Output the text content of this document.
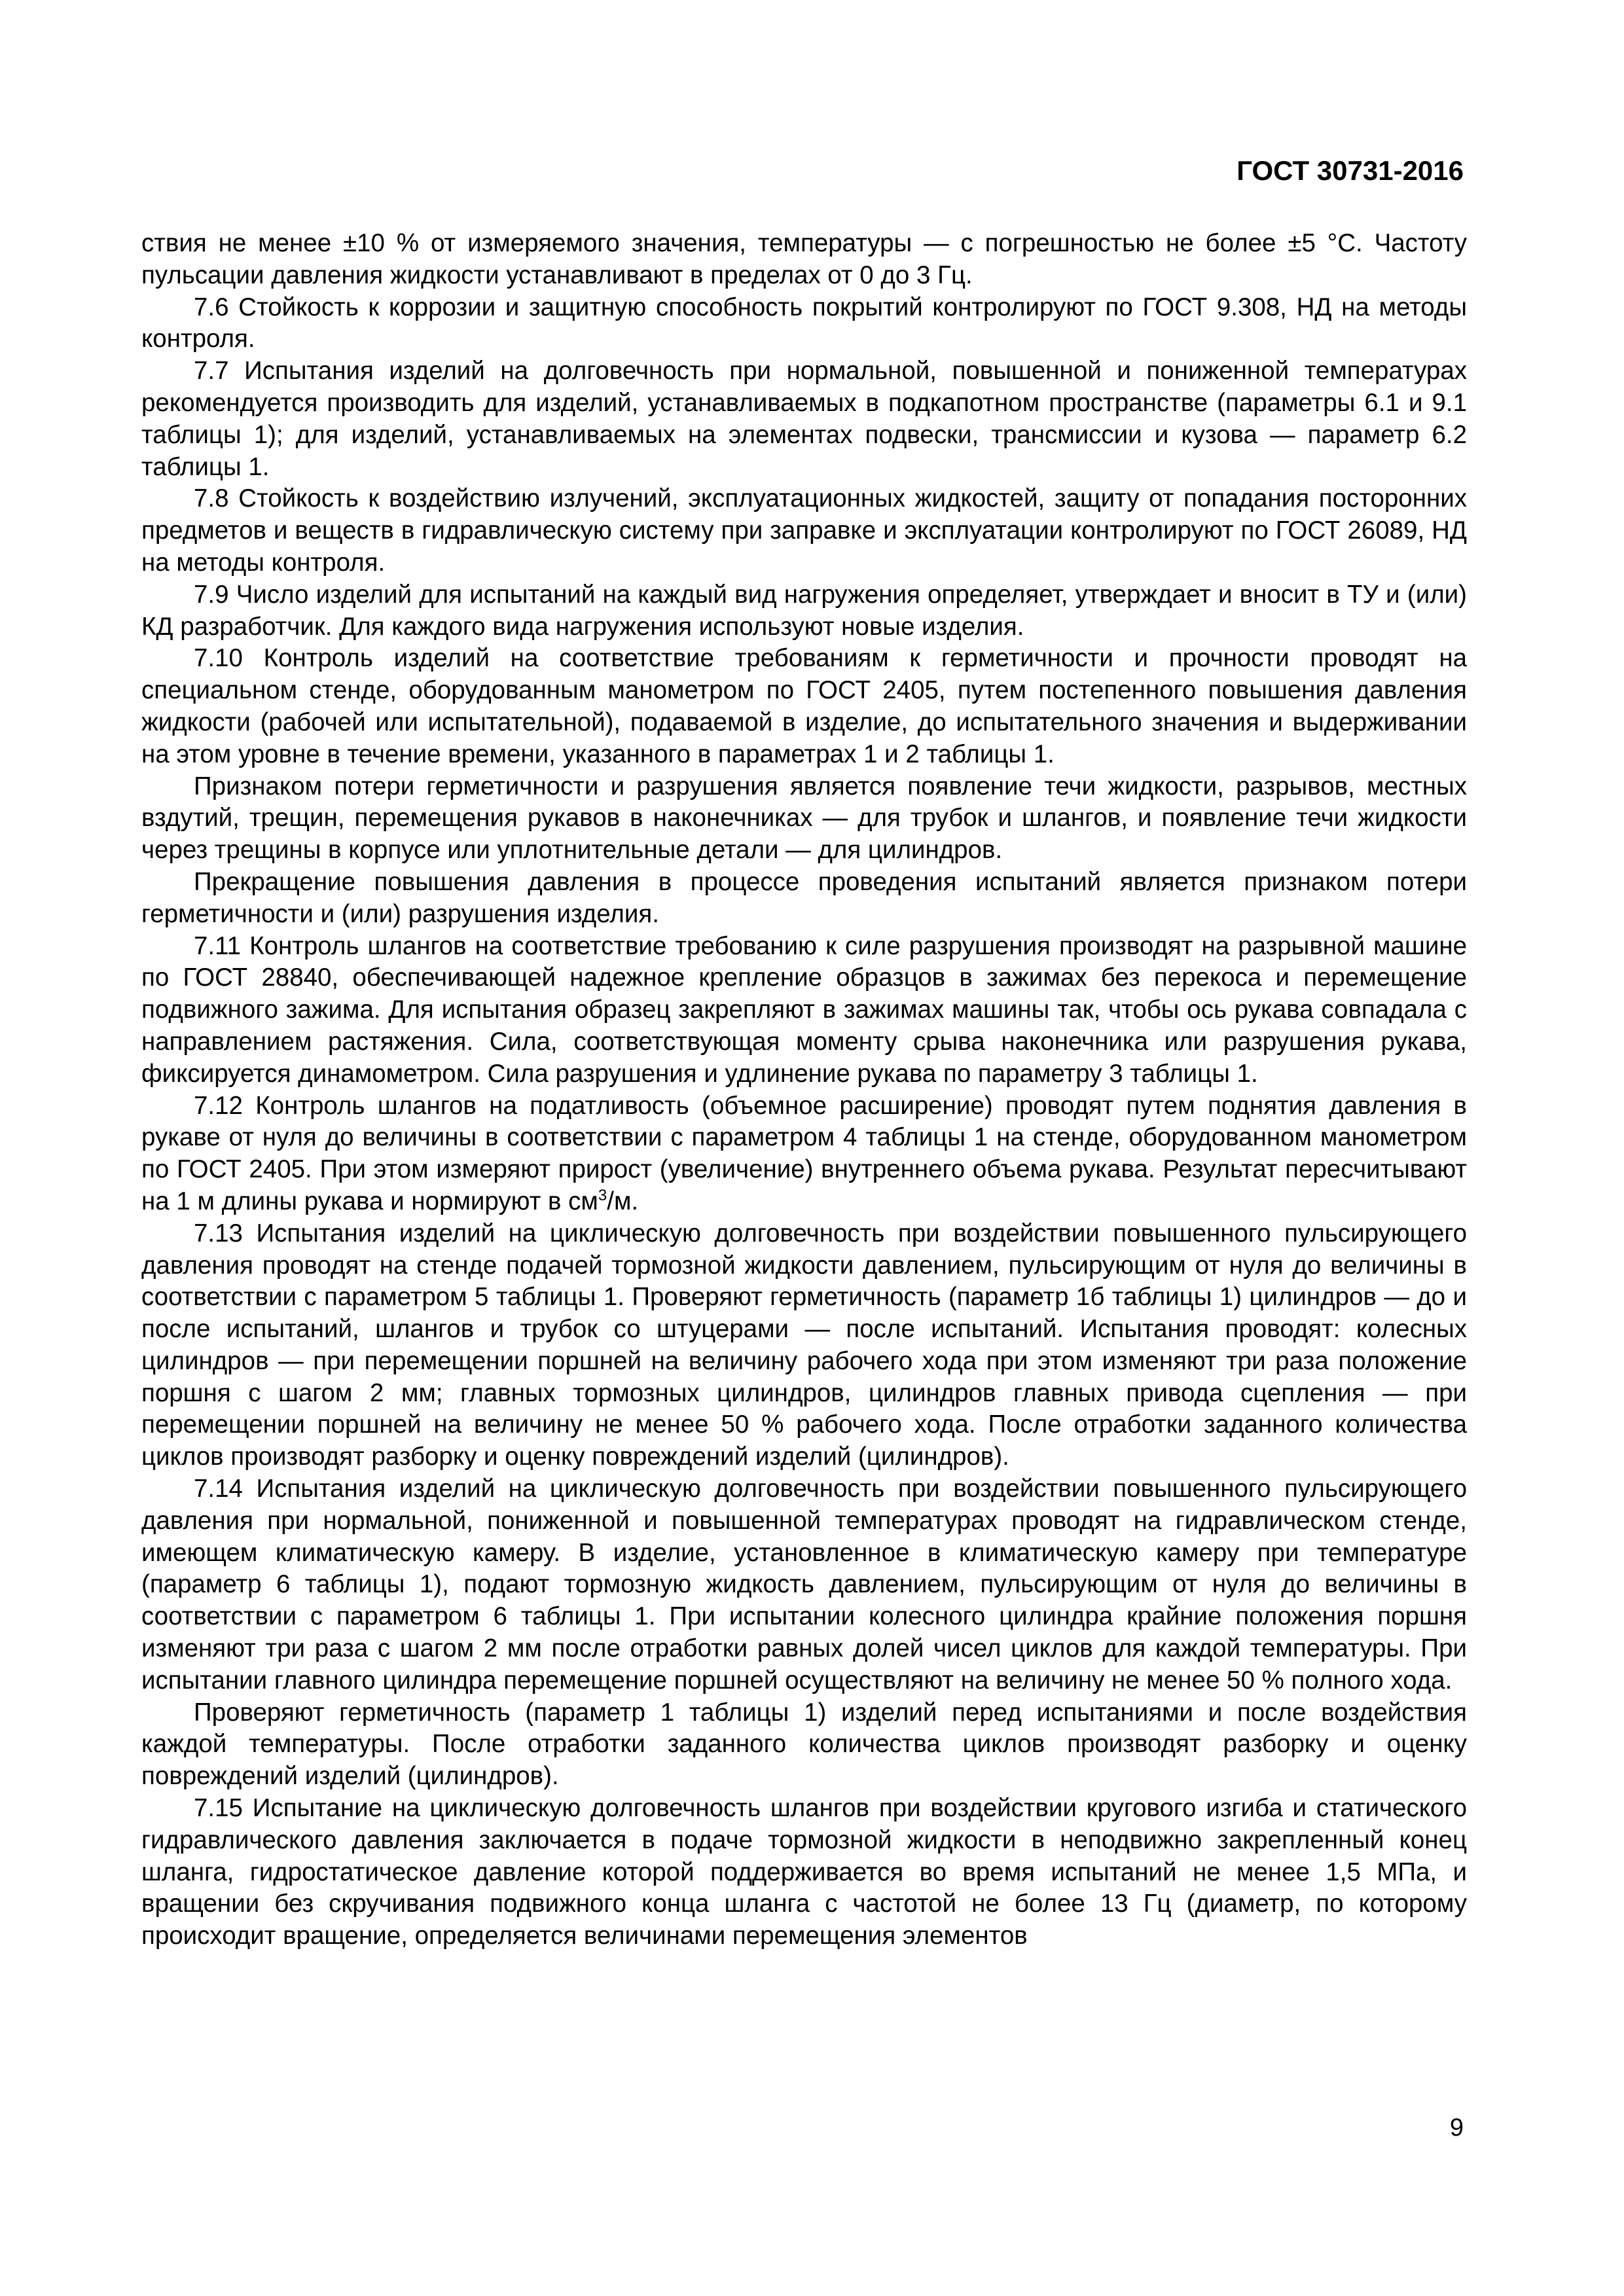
ГОСТ 30731-2016

ствия не менее ±10 % от измеряемого значения, температуры — с погрешностью не более ±5 °С. Частоту пульсации давления жидкости устанавливают в пределах от 0 до 3 Гц.

7.6 Стойкость к коррозии и защитную способность покрытий контролируют по ГОСТ 9.308, НД на методы контроля.

7.7 Испытания изделий на долговечность при нормальной, повышенной и пониженной температурах рекомендуется производить для изделий, устанавливаемых в подкапотном пространстве (параметры 6.1 и 9.1 таблицы 1); для изделий, устанавливаемых на элементах подвески, трансмиссии и кузова — параметр 6.2 таблицы 1.

7.8 Стойкость к воздействию излучений, эксплуатационных жидкостей, защиту от попадания посторонних предметов и веществ в гидравлическую систему при заправке и эксплуатации контролируют по ГОСТ 26089, НД на методы контроля.

7.9 Число изделий для испытаний на каждый вид нагружения определяет, утверждает и вносит в ТУ и (или) КД разработчик. Для каждого вида нагружения используют новые изделия.

7.10 Контроль изделий на соответствие требованиям к герметичности и прочности проводят на специальном стенде, оборудованным манометром по ГОСТ 2405, путем постепенного повышения давления жидкости (рабочей или испытательной), подаваемой в изделие, до испытательного значения и выдерживании на этом уровне в течение времени, указанного в параметрах 1 и 2 таблицы 1.

Признаком потери герметичности и разрушения является появление течи жидкости, разрывов, местных вздутий, трещин, перемещения рукавов в наконечниках — для трубок и шлангов, и появление течи жидкости через трещины в корпусе или уплотнительные детали — для цилиндров.

Прекращение повышения давления в процессе проведения испытаний является признаком потери герметичности и (или) разрушения изделия.

7.11 Контроль шлангов на соответствие требованию к силе разрушения производят на разрывной машине по ГОСТ 28840, обеспечивающей надежное крепление образцов в зажимах без перекоса и перемещение подвижного зажима. Для испытания образец закрепляют в зажимах машины так, чтобы ось рукава совпадала с направлением растяжения. Сила, соответствующая моменту срыва наконечника или разрушения рукава, фиксируется динамометром. Сила разрушения и удлинение рукава по параметру 3 таблицы 1.

7.12 Контроль шлангов на податливость (объемное расширение) проводят путем поднятия давления в рукаве от нуля до величины в соответствии с параметром 4 таблицы 1 на стенде, оборудованном манометром по ГОСТ 2405. При этом измеряют прирост (увеличение) внутреннего объема рукава. Результат пересчитывают на 1 м длины рукава и нормируют в $см^3/м$.

7.13 Испытания изделий на циклическую долговечность при воздействии повышенного пульсирующего давления проводят на стенде подачей тормозной жидкости давлением, пульсирующим от нуля до величины в соответствии с параметром 5 таблицы 1. Проверяют герметичность (параметр 1б таблицы 1) цилиндров — до и после испытаний, шлангов и трубок со штуцерами — после испытаний. Испытания проводят: колесных цилиндров — при перемещении поршней на величину рабочего хода при этом изменяют три раза положение поршня с шагом 2 мм; главных тормозных цилиндров, цилиндров главных привода сцепления — при перемещении поршней на величину не менее 50 % рабочего хода. После отработки заданного количества циклов производят разборку и оценку повреждений изделий (цилиндров).

7.14 Испытания изделий на циклическую долговечность при воздействии повышенного пульсирующего давления при нормальной, пониженной и повышенной температурах проводят на гидравлическом стенде, имеющем климатическую камеру. В изделие, установленное в климатическую камеру при температуре (параметр 6 таблицы 1), подают тормозную жидкость давлением, пульсирующим от нуля до величины в соответствии с параметром 6 таблицы 1. При испытании колесного цилиндра крайние положения поршня изменяют три раза с шагом 2 мм после отработки равных долей чисел циклов для каждой температуры. При испытании главного цилиндра перемещение поршней осуществляют на величину не менее 50 % полного хода.

Проверяют герметичность (параметр 1 таблицы 1) изделий перед испытаниями и после воздействия каждой температуры. После отработки заданного количества циклов производят разборку и оценку повреждений изделий (цилиндров).

7.15 Испытание на циклическую долговечность шлангов при воздействии кругового изгиба и статического гидравлического давления заключается в подаче тормозной жидкости в неподвижно закрепленный конец шланга, гидростатическое давление которой поддерживается во время испытаний не менее 1,5 МПа, и вращении без скручивания подвижного конца шланга с частотой не более 13 Гц (диаметр, по которому происходит вращение, определяется величинами перемещения элементов

9
